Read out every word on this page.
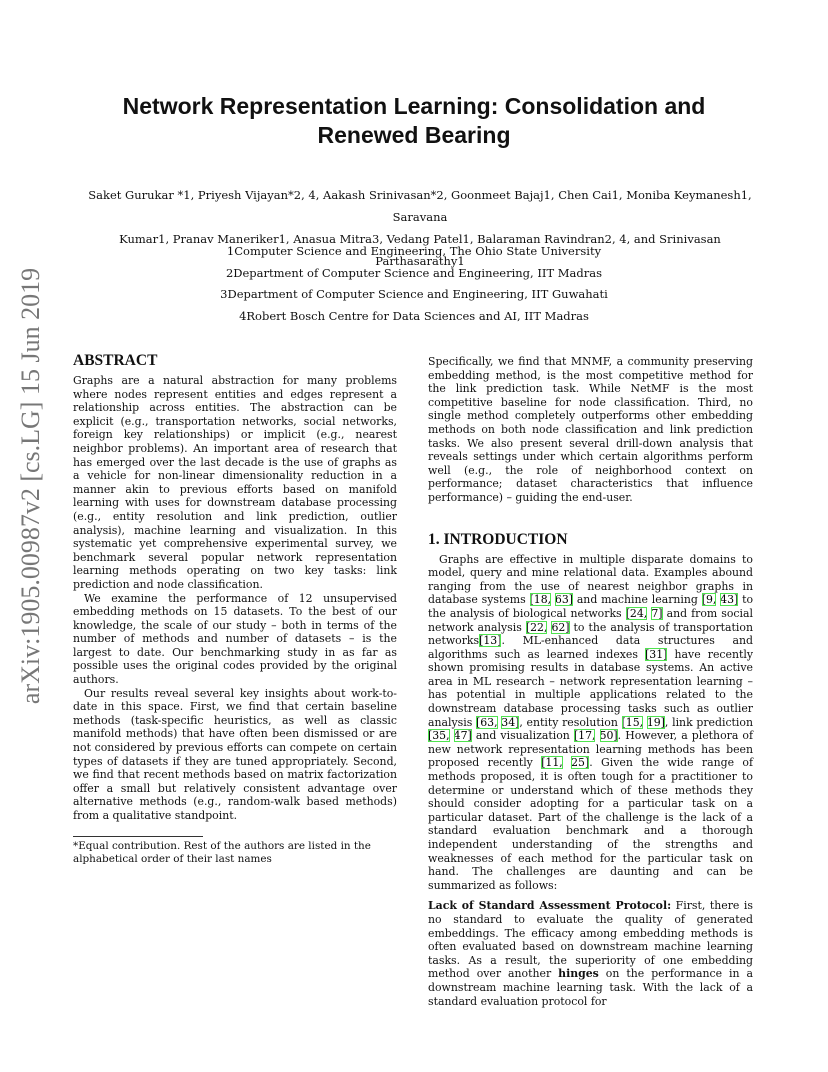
arXiv:1905.00987v2 [cs.LG] 15 Jun 2019
Network Representation Learning: Consolidation and
Renewed Bearing
Saket Gurukar *1, Priyesh Vijayan*2, 4, Aakash Srinivasan*2, Goonmeet Bajaj1, Chen Cai1, Moniba Keymanesh1, Saravana
Kumar1, Pranav Maneriker1, Anasua Mitra3, Vedang Patel1, Balaraman Ravindran2, 4, and Srinivasan Parthasarathy1
1Computer Science and Engineering, The Ohio State University
2Department of Computer Science and Engineering, IIT Madras
3Department of Computer Science and Engineering, IIT Guwahati
4Robert Bosch Centre for Data Sciences and AI, IIT Madras
ABSTRACT

Graphs are a natural abstraction for many problems where nodes represent entities and edges represent a relationship across entities. The abstraction can be explicit (e.g., transportation networks, social networks, foreign key relationships) or implicit (e.g., nearest neighbor problems). An important area of research that has emerged over the last decade is the use of graphs as a vehicle for non-linear dimensionality reduction in a manner akin to previous efforts based on manifold learning with uses for downstream database processing (e.g., entity resolution and link prediction, outlier analysis), machine learning and visualization. In this systematic yet comprehensive experimental survey, we benchmark several popular network representation learning methods operating on two key tasks: link prediction and node classification.

We examine the performance of 12 unsupervised embedding methods on 15 datasets. To the best of our knowledge, the scale of our study – both in terms of the number of methods and number of datasets – is the largest to date. Our benchmarking study in as far as possible uses the original codes provided by the original authors.

Our results reveal several key insights about work-to-date in this space. First, we find that certain baseline methods (task-specific heuristics, as well as classic manifold methods) that have often been dismissed or are not considered by previous efforts can compete on certain types of datasets if they are tuned appropriately. Second, we find that recent methods based on matrix factorization offer a small but relatively consistent advantage over alternative methods (e.g., random-walk based methods) from a qualitative standpoint.

*Equal contribution. Rest of the authors are listed in the alphabetical order of their last names

Specifically, we find that MNMF, a community preserving embedding method, is the most competitive method for the link prediction task. While NetMF is the most competitive baseline for node classification. Third, no single method completely outperforms other embedding methods on both node classification and link prediction tasks. We also present several drill-down analysis that reveals settings under which certain algorithms perform well (e.g., the role of neighborhood context on performance; dataset characteristics that influence performance) – guiding the end-user.

1. INTRODUCTION

Graphs are effective in multiple disparate domains to model, query and mine relational data. Examples abound ranging from the use of nearest neighbor graphs in database systems [18, 63] and machine learning [9, 43] to the analysis of biological networks [24, 7] and from social network analysis [22, 62] to the analysis of transportation networks[13]. ML-enhanced data structures and algorithms such as learned indexes [31] have recently shown promising results in database systems. An active area in ML research – network representation learning – has potential in multiple applications related to the downstream database processing tasks such as outlier analysis [63, 34], entity resolution [15, 19], link prediction [35, 47] and visualization [17, 50]. However, a plethora of new network representation learning methods has been proposed recently [11, 25]. Given the wide range of methods proposed, it is often tough for a practitioner to determine or understand which of these methods they should consider adopting for a particular task on a particular dataset. Part of the challenge is the lack of a standard evaluation benchmark and a thorough independent understanding of the strengths and weaknesses of each method for the particular task on hand. The challenges are daunting and can be summarized as follows:

Lack of Standard Assessment Protocol: First, there is no standard to evaluate the quality of generated embeddings. The efficacy among embedding methods is often evaluated based on downstream machine learning tasks. As a result, the superiority of one embedding method over another hinges on the performance in a downstream machine learning task. With the lack of a standard evaluation protocol for
